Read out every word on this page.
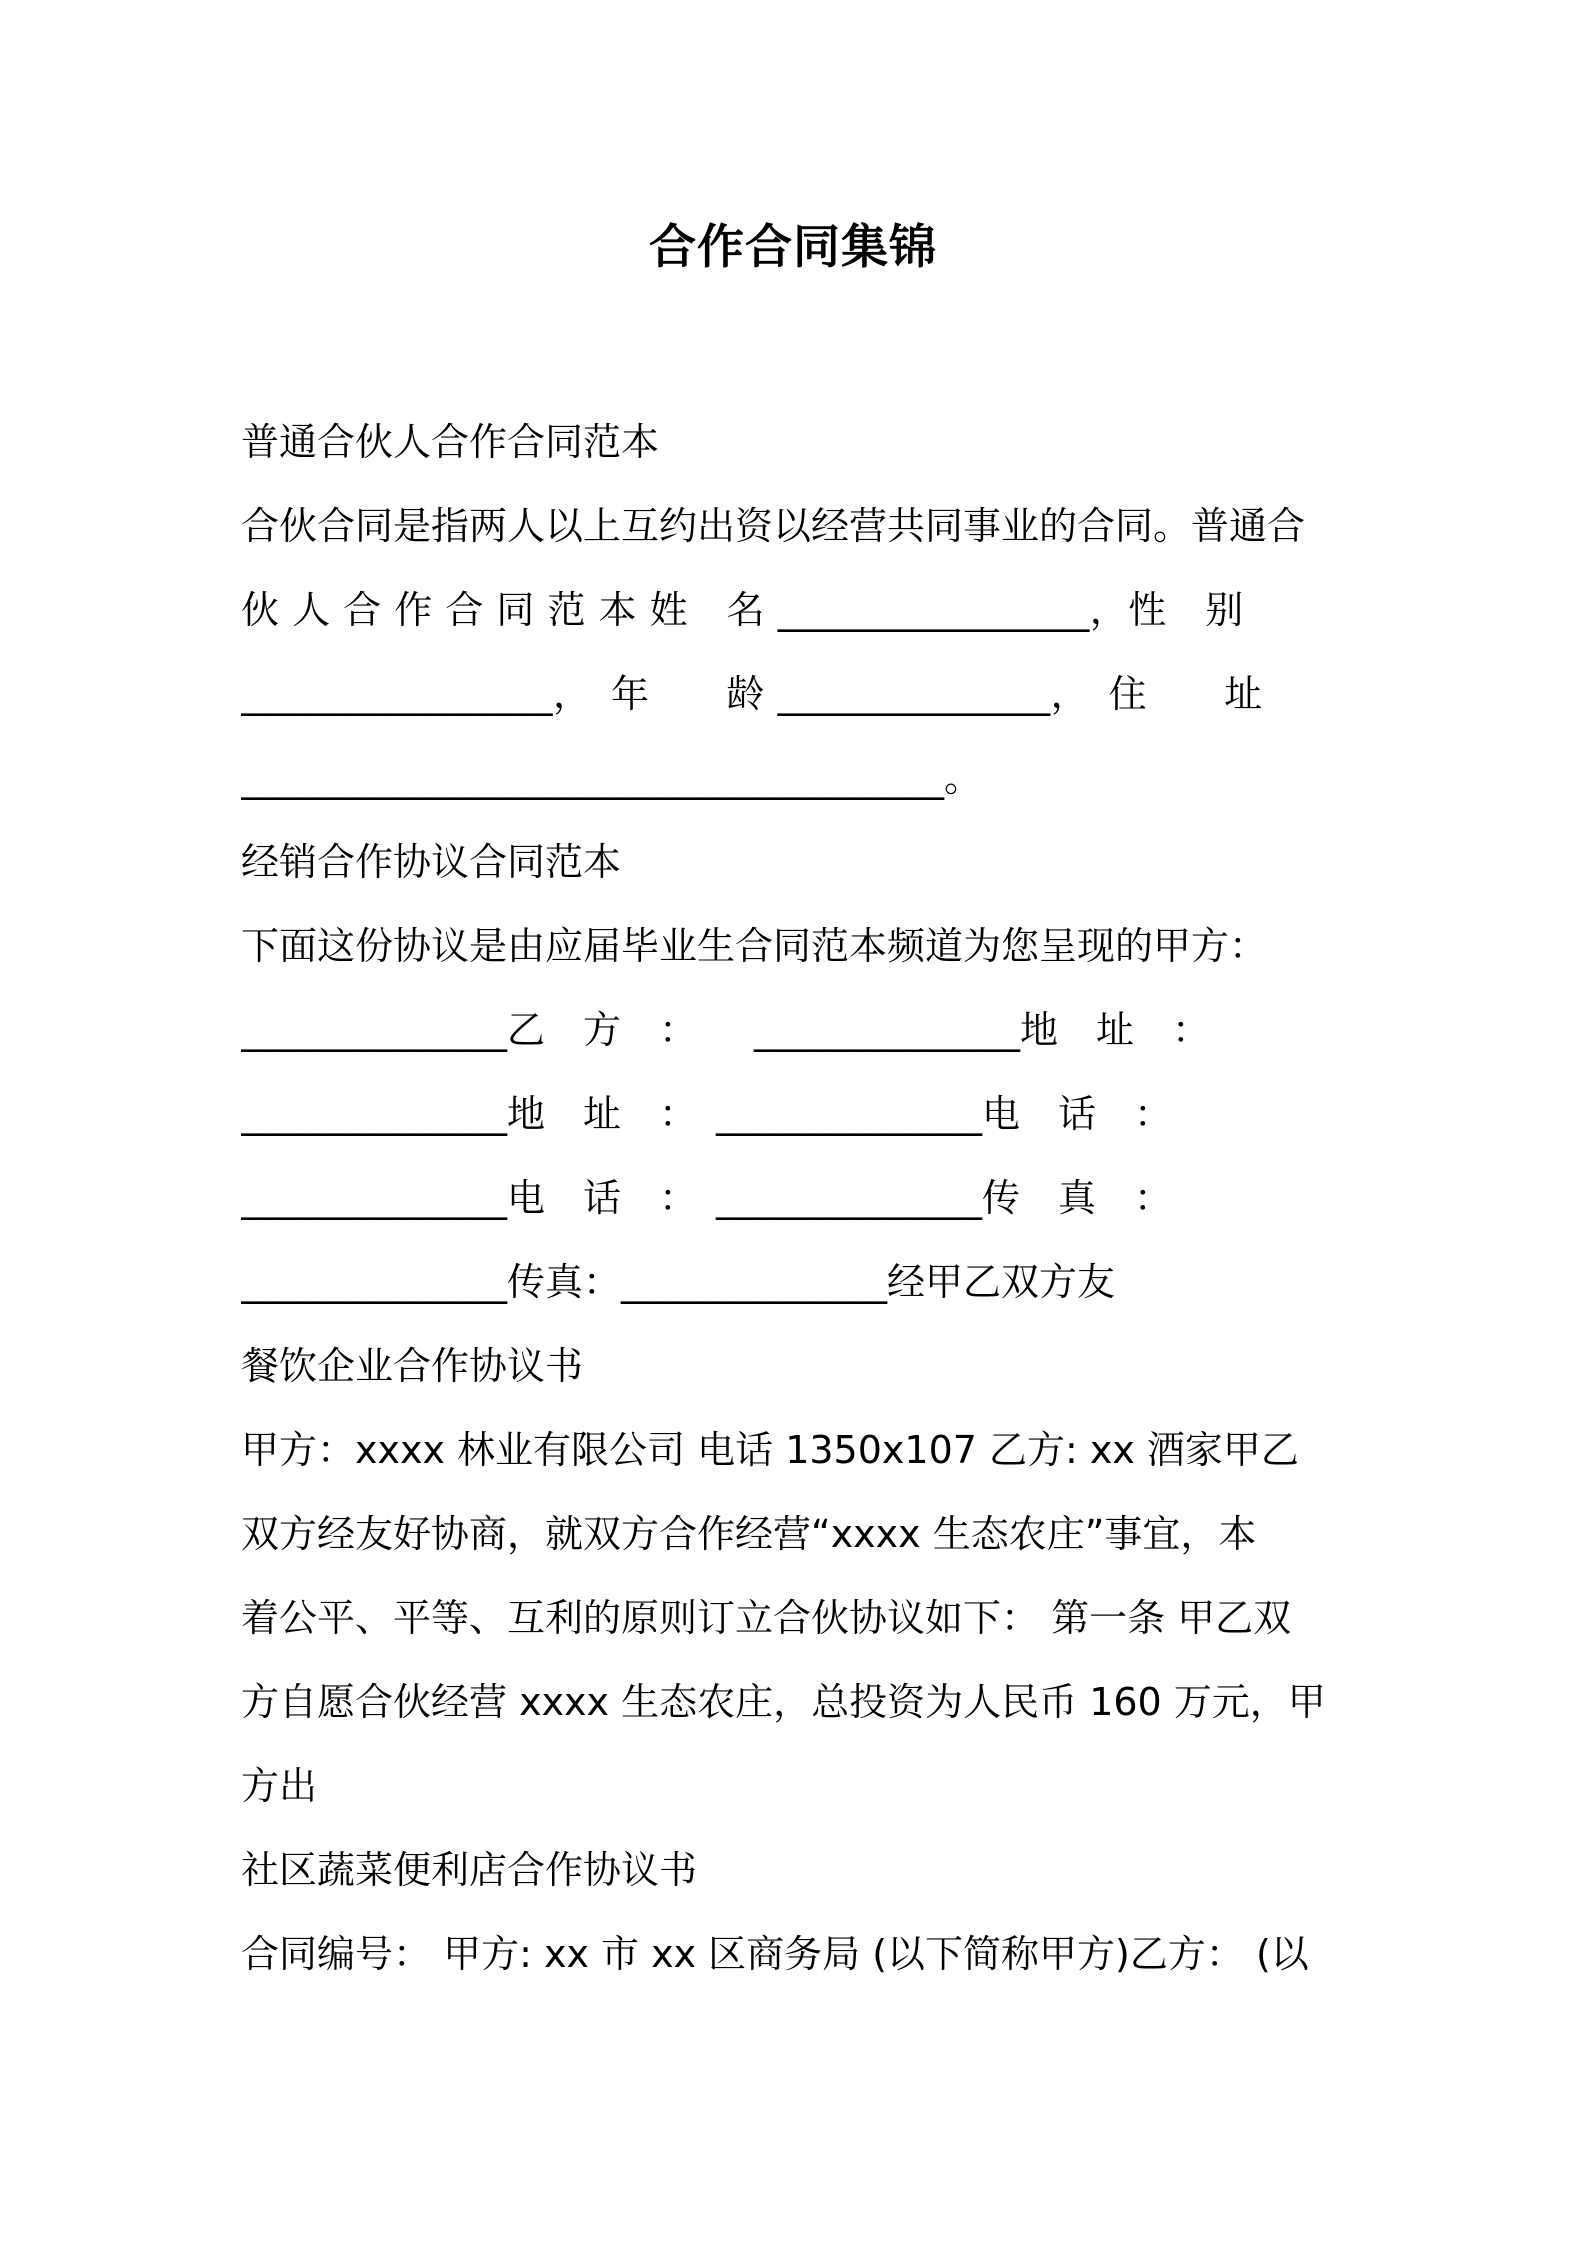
合作合同集锦
普通合伙人合作合同范本
合伙合同是指两人以上互约出资以经营共同事业的合同。普通合
伙 人 合 作 合 同 范 本 姓　名 ________________，性　别
________________，　年　　龄 ______________，　住　　址
_____________________________________。
经销合作协议合同范本
下面这份协议是由应届毕业生合同范本频道为您呈现的甲方：
______________乙　方　：　　______________地　址　：
______________地　址　：　______________电　话　：
______________电　话　：　______________传　真　：
______________传真：______________经甲乙双方友
餐饮企业合作协议书
甲方：xxxx 林业有限公司 电话 1350x107 乙方: xx 酒家甲乙
双方经友好协商，就双方合作经营“xxxx 生态农庄”事宜，本
着公平、平等、互利的原则订立合伙协议如下： 第一条 甲乙双
方自愿合伙经营 xxxx 生态农庄，总投资为人民币 160 万元，甲
方出
社区蔬菜便利店合作协议书
合同编号： 甲方: xx 市 xx 区商务局 (以下简称甲方)乙方： (以
